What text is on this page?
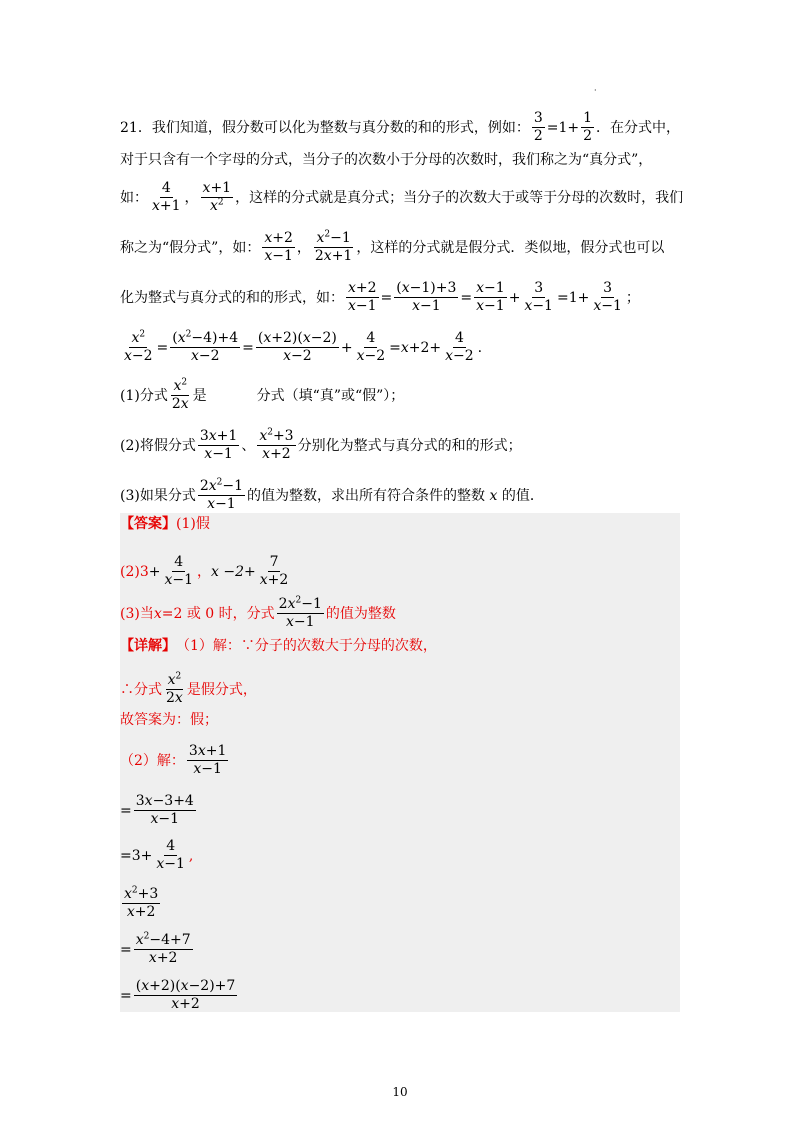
21． 我们知道，假分数可以化为整数与真分数的和的形式，例如： $\frac{3}{2} =1+ \frac{1}{2}$ ．在分式中，
对于只含有一个字母的分式，当分子的次数小于分母的次数时，我们称之为“真分式”，
如： $\frac{4}{x+1}$ ， $\frac{x+1}{x^2}$ ，这样的分式就是真分式；当分子的次数大于或等于分母的次数时，我们
称之为“假分式”，如： $\frac{x+2}{x-1}$ ， $\frac{x^2-1}{2x+1}$ ，这样的分式就是假分式．类似地，假分式也可以
化为整式与真分式的和的形式，如： $\frac{x+2}{x-1} = \frac{(x-1)+3}{x-1} = \frac{x-1}{x-1} + \frac{3}{x-1} =1+ \frac{3}{x-1}$ ；
$\frac{x^2}{x-2} = \frac{(x^2-4)+4}{x-2} = \frac{(x+2)(x-2)}{x-2} + \frac{4}{x-2} =x+2+ \frac{4}{x-2}$ .
(1)分式 $\frac{x^2}{2x}$ 是	分式（填“真”或“假”）；
(2)将假分式 $\frac{3x+1}{x-1}$ 、 $\frac{x^2+3}{x+2}$ 分别化为整式与真分式的和的形式；
(3)如果分式 $\frac{2x^2-1}{x-1}$ 的值为整数，求出所有符合条件的整数 x 的值．
【答案】 (1)假
$(2)3 + \frac{4}{x-1}$ ， $x -2 + \frac{7}{x+2}$
(3)当 x =2 或 0 时，分式 $\frac{2x^2-1}{x-1}$ 的值为整数
【详解】 （1）解：∵分子的次数大于分母的次数，
∴分式 $\frac{x^2}{2x}$ 是假分式，
故答案为：假；
（2）解： $\frac{3x+1}{x-1}$
= $\frac{3x-3+4}{x-1}$
$=3+ \frac{4}{x-1}$ ,
$\frac{x^2+3}{x+2}$
= $\frac{x^2-4+7}{x+2}$
= $\frac{(x+2)(x-2)+7}{x+2}$
·
10
